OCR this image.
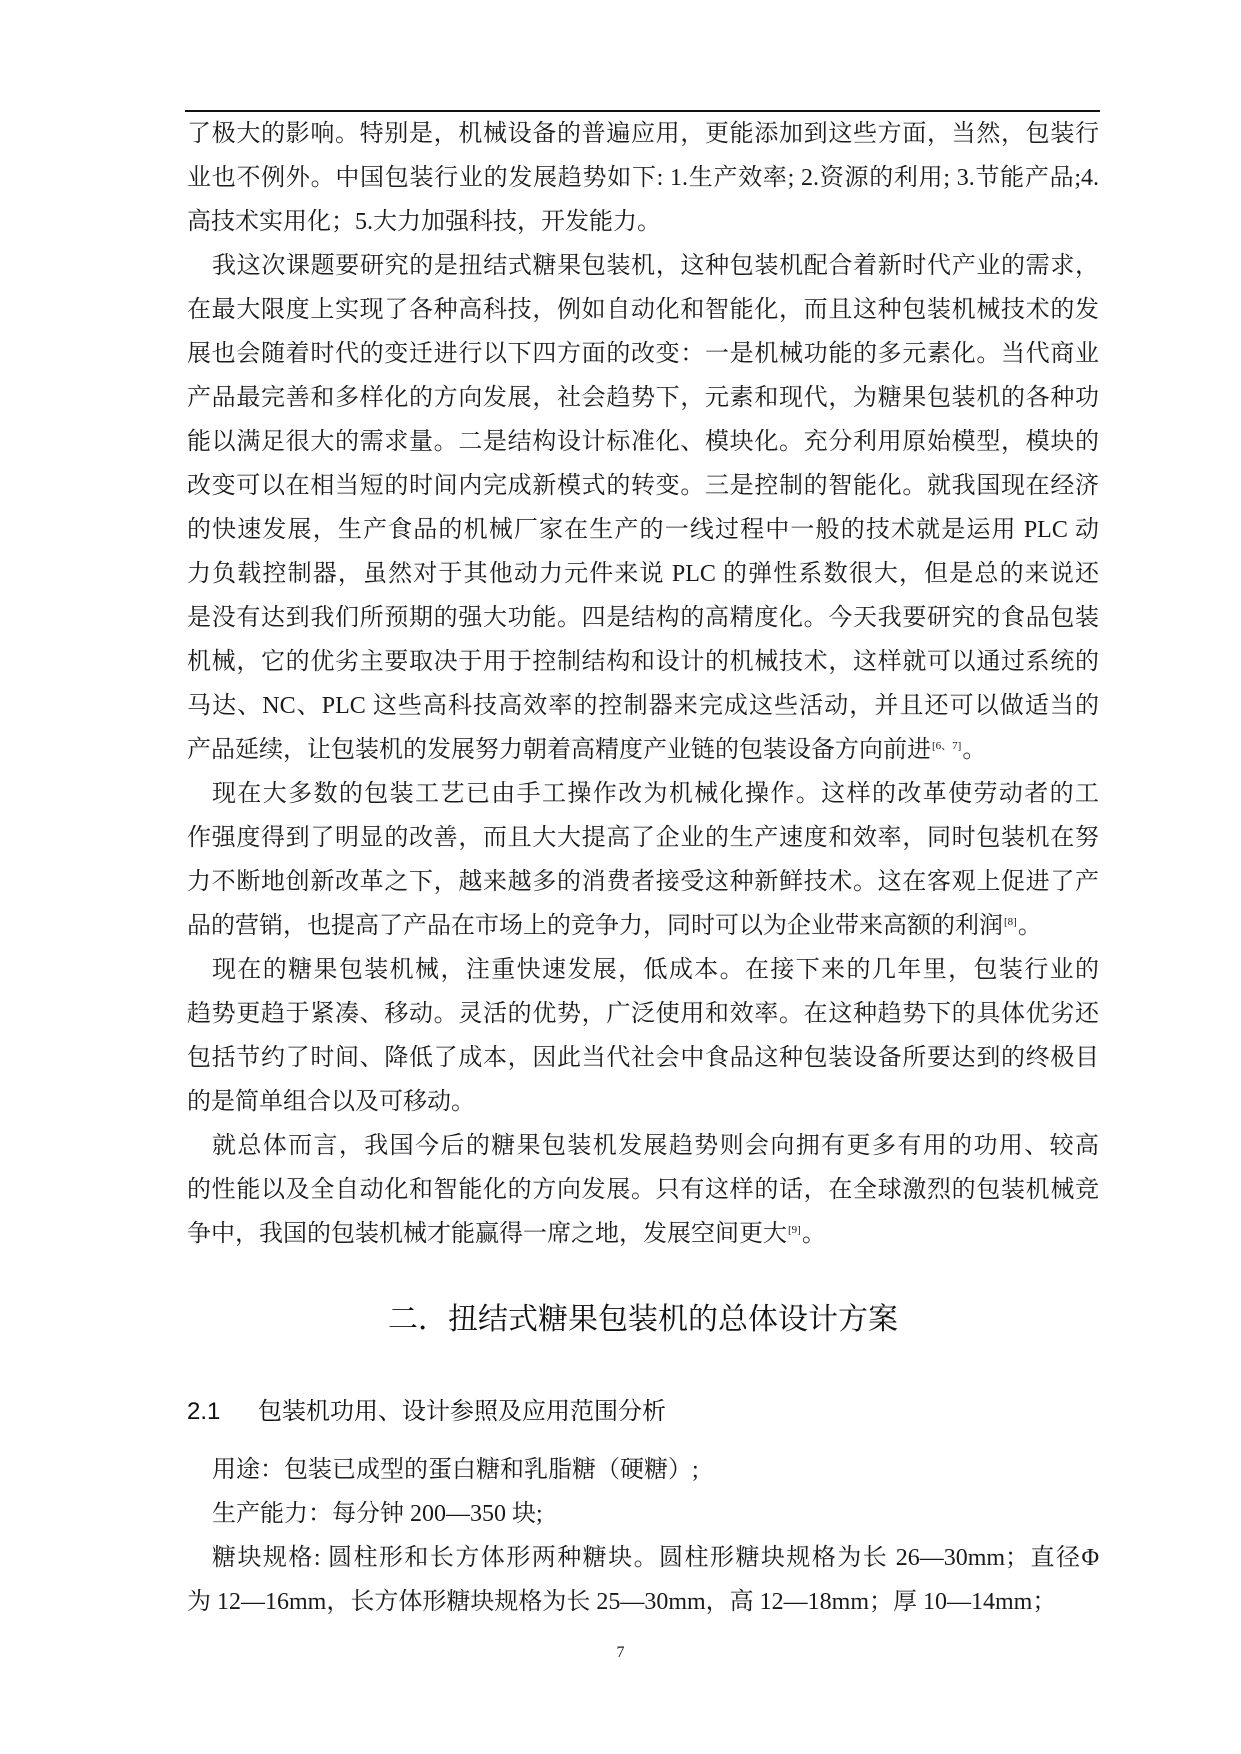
了极大的影响。特别是，机械设备的普遍应用，更能添加到这些方面，当然，包装行
业也不例外。中国包装行业的发展趋势如下: 1.生产效率; 2.资源的利用; 3.节能产品;4.
高技术实用化；5.大力加强科技，开发能力。
我这次课题要研究的是扭结式糖果包装机，这种包装机配合着新时代产业的需求，
在最大限度上实现了各种高科技，例如自动化和智能化，而且这种包装机械技术的发
展也会随着时代的变迁进行以下四方面的改变：一是机械功能的多元素化。当代商业
产品最完善和多样化的方向发展，社会趋势下，元素和现代，为糖果包装机的各种功
能以满足很大的需求量。二是结构设计标准化、模块化。充分利用原始模型，模块的
改变可以在相当短的时间内完成新模式的转变。三是控制的智能化。就我国现在经济
的快速发展，生产食品的机械厂家在生产的一线过程中一般的技术就是运用 PLC 动
力负载控制器，虽然对于其他动力元件来说 PLC 的弹性系数很大，但是总的来说还
是没有达到我们所预期的强大功能。四是结构的高精度化。今天我要研究的食品包装
机械，它的优劣主要取决于用于控制结构和设计的机械技术，这样就可以通过系统的
马达、NC、PLC 这些高科技高效率的控制器来完成这些活动，并且还可以做适当的
产品延续，让包装机的发展努力朝着高精度产业链的包装设备方向前进[6、7]。
现在大多数的包装工艺已由手工操作改为机械化操作。这样的改革使劳动者的工
作强度得到了明显的改善，而且大大提高了企业的生产速度和效率，同时包装机在努
力不断地创新改革之下，越来越多的消费者接受这种新鲜技术。这在客观上促进了产
品的营销，也提高了产品在市场上的竞争力，同时可以为企业带来高额的利润[8]。
现在的糖果包装机械，注重快速发展，低成本。在接下来的几年里，包装行业的
趋势更趋于紧凑、移动。灵活的优势，广泛使用和效率。在这种趋势下的具体优劣还
包括节约了时间、降低了成本，因此当代社会中食品这种包装设备所要达到的终极目
的是简单组合以及可移动。
就总体而言，我国今后的糖果包装机发展趋势则会向拥有更多有用的功用、较高
的性能以及全自动化和智能化的方向发展。只有这样的话，在全球激烈的包装机械竞
争中，我国的包装机械才能赢得一席之地，发展空间更大[9]。
二．扭结式糖果包装机的总体设计方案
2.1 包装机功用、设计参照及应用范围分析
用途：包装已成型的蛋白糖和乳脂糖（硬糖）;
生产能力：每分钟 200—350 块;
糖块规格: 圆柱形和长方体形两种糖块。圆柱形糖块规格为长 26—30mm；直径Φ
为 12—16mm，长方体形糖块规格为长 25—30mm，高 12—18mm；厚 10—14mm；
7
